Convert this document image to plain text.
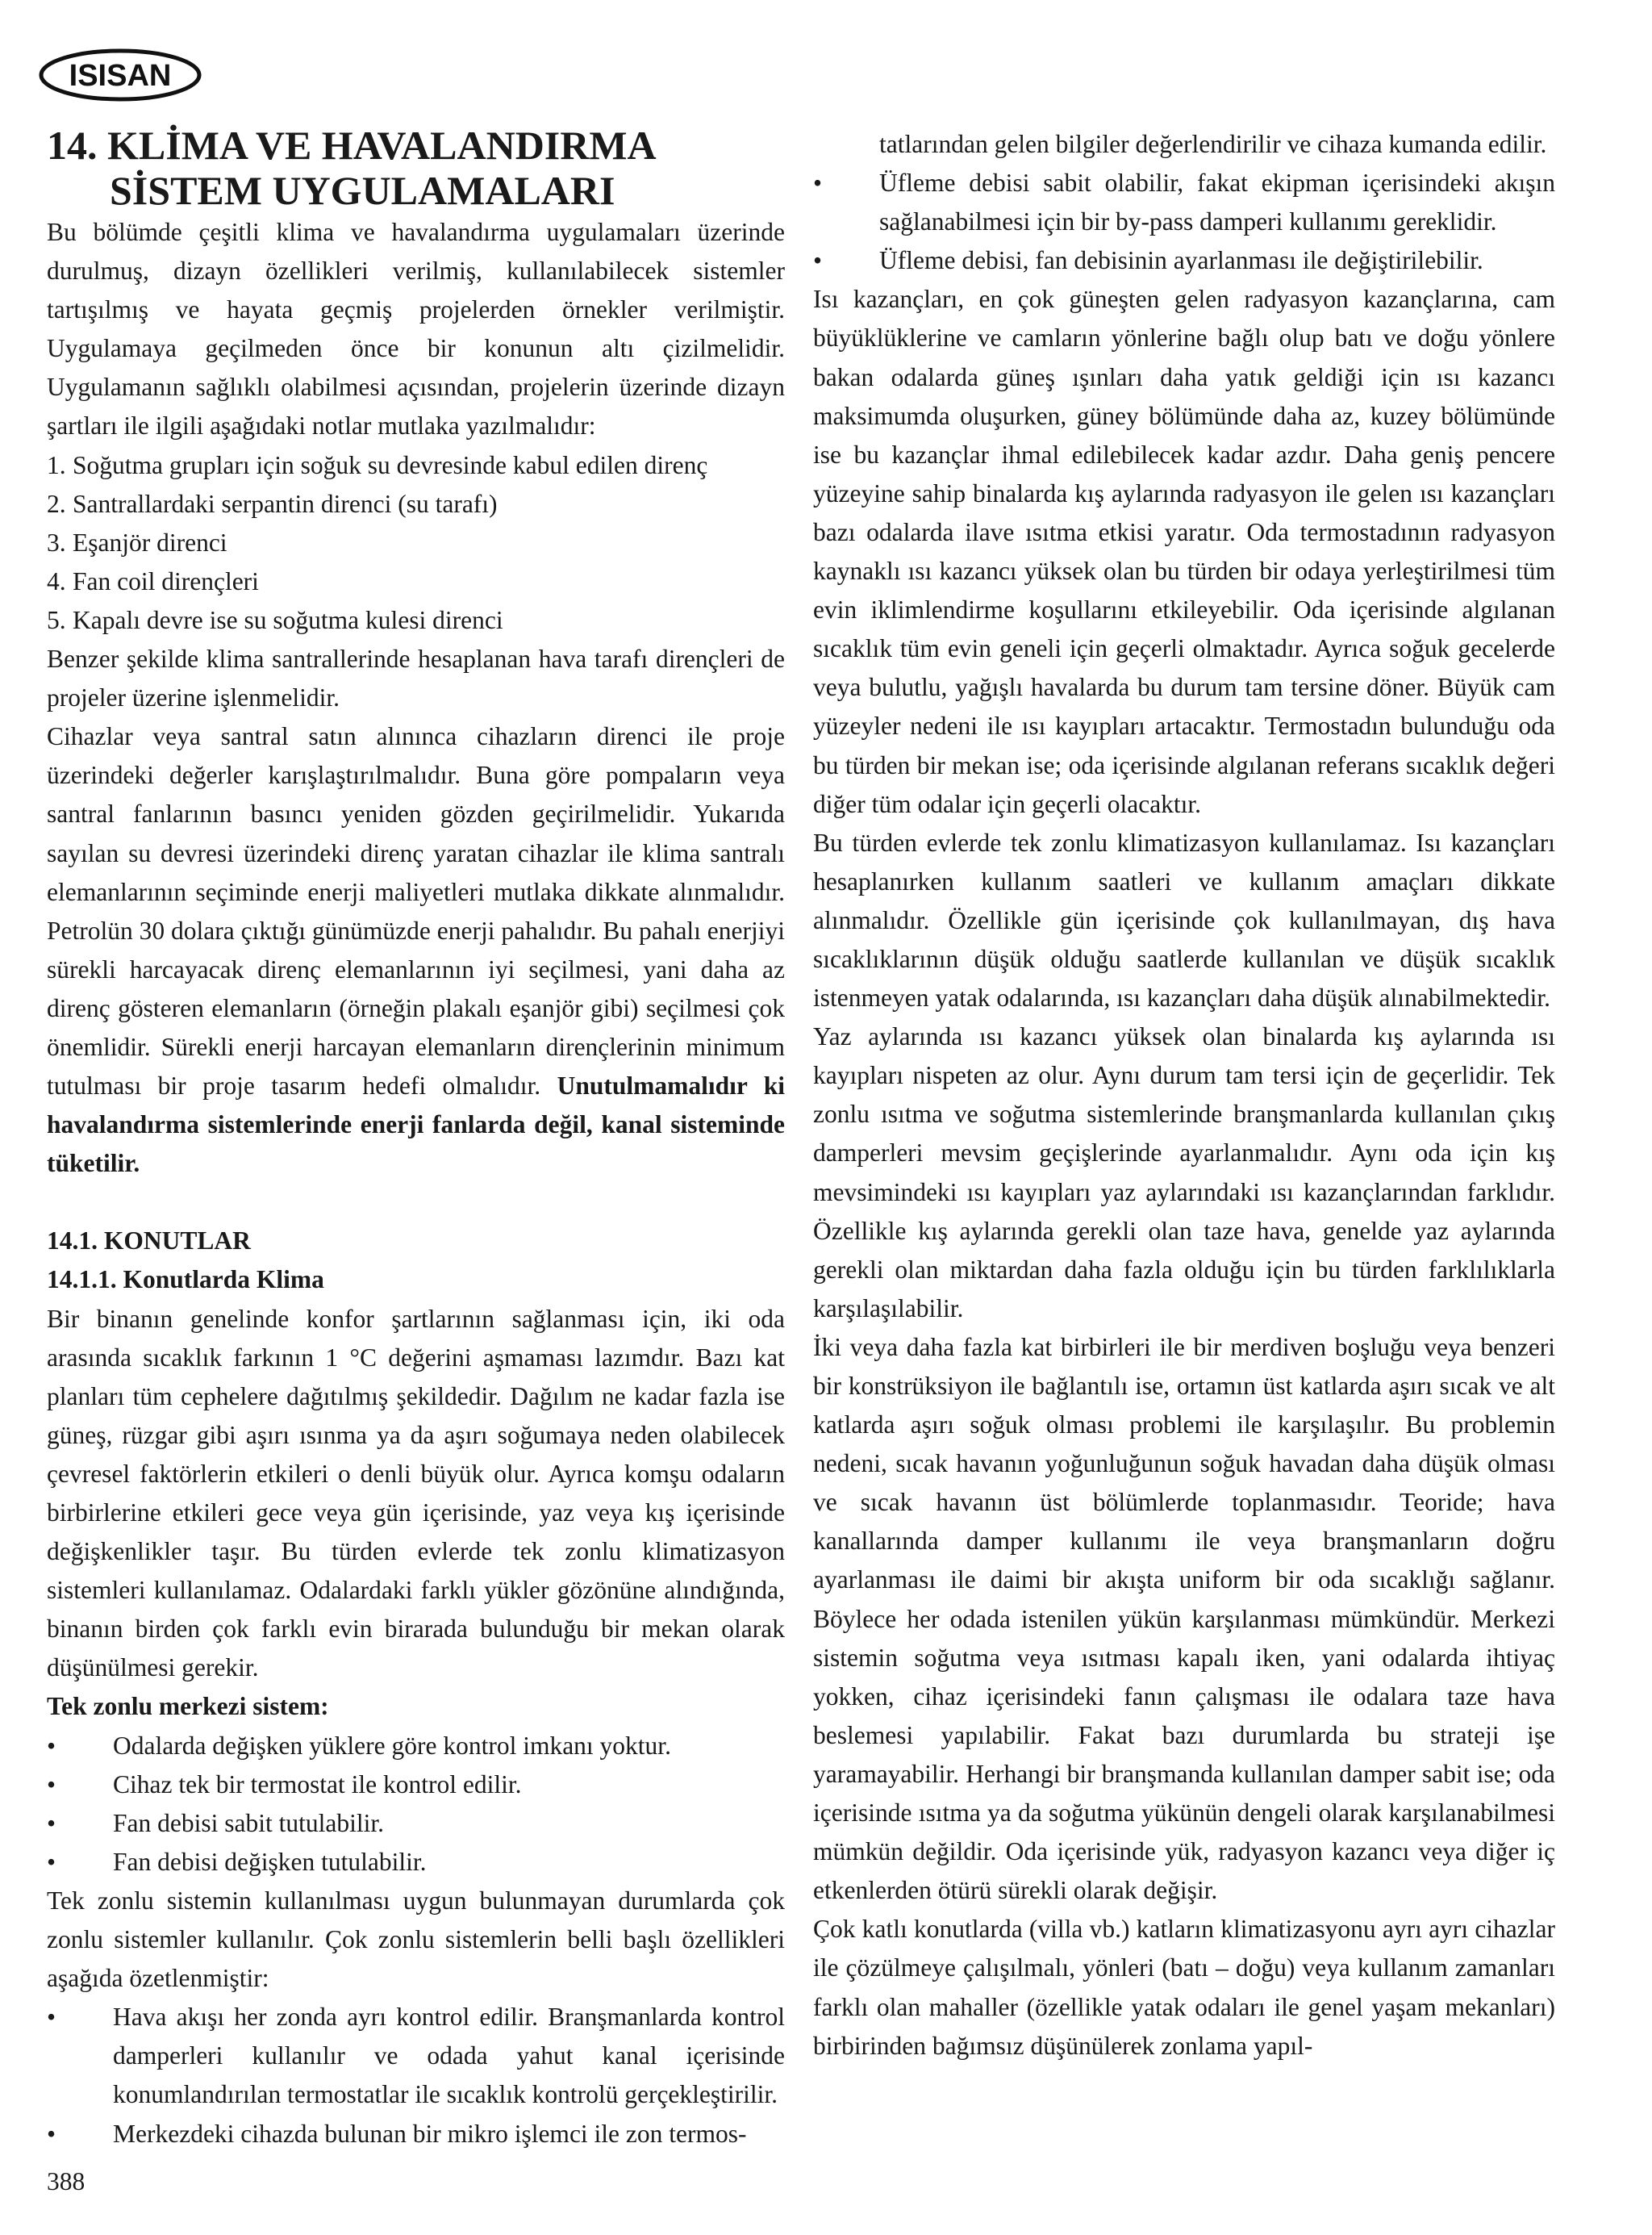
ISISAN
14. KLİMA VE HAVALANDIRMA
SİSTEM UYGULAMALARI

Bu bölümde çeşitli klima ve havalandırma uygulamaları üzerinde durulmuş, dizayn özellikleri verilmiş, kullanılabilecek sistemler tartışılmış ve hayata geçmiş projelerden örnekler verilmiştir. Uygulamaya geçilmeden önce bir konunun altı çizilmelidir. Uygulamanın sağlıklı olabilmesi açısından, projelerin üzerinde dizayn şartları ile ilgili aşağıdaki notlar mutlaka yazılmalıdır:

1. Soğutma grupları için soğuk su devresinde kabul edilen direnç
2. Santrallardaki serpantin direnci (su tarafı)
3. Eşanjör direnci
4. Fan coil dirençleri
5. Kapalı devre ise su soğutma kulesi direnci

Benzer şekilde klima santrallerinde hesaplanan hava tarafı dirençleri de projeler üzerine işlenmelidir.

Cihazlar veya santral satın alınınca cihazların direnci ile proje üzerindeki değerler karışlaştırılmalıdır. Buna göre pompaların veya santral fanlarının basıncı yeniden gözden geçirilmelidir. Yukarıda sayılan su devresi üzerindeki direnç yaratan cihazlar ile klima santralı elemanlarının seçiminde enerji maliyetleri mutlaka dikkate alınmalıdır. Petrolün 30 dolara çıktığı günümüzde enerji pahalıdır. Bu pahalı enerjiyi sürekli harcayacak direnç elemanlarının iyi seçilmesi, yani daha az direnç gösteren elemanların (örneğin plakalı eşanjör gibi) seçilmesi çok önemlidir. Sürekli enerji harcayan elemanların dirençlerinin minimum tutulması bir proje tasarım hedefi olmalıdır. Unutulmamalıdır ki havalandırma sistemlerinde enerji fanlarda değil, kanal sisteminde tüketilir.

14.1. KONUTLAR

14.1.1. Konutlarda Klima

Bir binanın genelinde konfor şartlarının sağlanması için, iki oda arasında sıcaklık farkının 1 °C değerini aşmaması lazımdır. Bazı kat planları tüm cephelere dağıtılmış şekildedir. Dağılım ne kadar fazla ise güneş, rüzgar gibi aşırı ısınma ya da aşırı soğumaya neden olabilecek çevresel faktörlerin etkileri o denli büyük olur. Ayrıca komşu odaların birbirlerine etkileri gece veya gün içerisinde, yaz veya kış içerisinde değişkenlikler taşır. Bu türden evlerde tek zonlu klimatizasyon sistemleri kullanılamaz. Odalardaki farklı yükler gözönüne alındığında, binanın birden çok farklı evin birarada bulunduğu bir mekan olarak düşünülmesi gerekir.

Tek zonlu merkezi sistem:

•	Odalarda değişken yüklere göre kontrol imkanı yoktur.
•	Cihaz tek bir termostat ile kontrol edilir.
•	Fan debisi sabit tutulabilir.
•	Fan debisi değişken tutulabilir.

Tek zonlu sistemin kullanılması uygun bulunmayan durumlarda çok zonlu sistemler kullanılır. Çok zonlu sistemlerin belli başlı özellikleri aşağıda özetlenmiştir:

•	Hava akışı her zonda ayrı kontrol edilir. Branşmanlarda kontrol damperleri kullanılır ve odada yahut kanal içerisinde konumlandırılan termostatlar ile sıcaklık kontrolü gerçekleştirilir.
•	Merkezdeki cihazda bulunan bir mikro işlemci ile zon termos-

tatlarından gelen bilgiler değerlendirilir ve cihaza kumanda edilir.

•	Üfleme debisi sabit olabilir, fakat ekipman içerisindeki akışın sağlanabilmesi için bir by-pass damperi kullanımı gereklidir.
•	Üfleme debisi, fan debisinin ayarlanması ile değiştirilebilir.

Isı kazançları, en çok güneşten gelen radyasyon kazançlarına, cam büyüklüklerine ve camların yönlerine bağlı olup batı ve doğu yönlere bakan odalarda güneş ışınları daha yatık geldiği için ısı kazancı maksimumda oluşurken, güney bölümünde daha az, kuzey bölümünde ise bu kazançlar ihmal edilebilecek kadar azdır. Daha geniş pencere yüzeyine sahip binalarda kış aylarında radyasyon ile gelen ısı kazançları bazı odalarda ilave ısıtma etkisi yaratır. Oda termostadının radyasyon kaynaklı ısı kazancı yüksek olan bu türden bir odaya yerleştirilmesi tüm evin iklimlendirme koşullarını etkileyebilir. Oda içerisinde algılanan sıcaklık tüm evin geneli için geçerli olmaktadır. Ayrıca soğuk gecelerde veya bulutlu, yağışlı havalarda bu durum tam tersine döner. Büyük cam yüzeyler nedeni ile ısı kayıpları artacaktır. Termostadın bulunduğu oda bu türden bir mekan ise; oda içerisinde algılanan referans sıcaklık değeri diğer tüm odalar için geçerli olacaktır.

Bu türden evlerde tek zonlu klimatizasyon kullanılamaz. Isı kazançları hesaplanırken kullanım saatleri ve kullanım amaçları dikkate alınmalıdır. Özellikle gün içerisinde çok kullanılmayan, dış hava sıcaklıklarının düşük olduğu saatlerde kullanılan ve düşük sıcaklık istenmeyen yatak odalarında, ısı kazançları daha düşük alınabilmektedir.

Yaz aylarında ısı kazancı yüksek olan binalarda kış aylarında ısı kayıpları nispeten az olur. Aynı durum tam tersi için de geçerlidir. Tek zonlu ısıtma ve soğutma sistemlerinde branşmanlarda kullanılan çıkış damperleri mevsim geçişlerinde ayarlanmalıdır. Aynı oda için kış mevsimindeki ısı kayıpları yaz aylarındaki ısı kazançlarından farklıdır. Özellikle kış aylarında gerekli olan taze hava, genelde yaz aylarında gerekli olan miktardan daha fazla olduğu için bu türden farklılıklarla karşılaşılabilir.

İki veya daha fazla kat birbirleri ile bir merdiven boşluğu veya benzeri bir konstrüksiyon ile bağlantılı ise, ortamın üst katlarda aşırı sıcak ve alt katlarda aşırı soğuk olması problemi ile karşılaşılır. Bu problemin nedeni, sıcak havanın yoğunluğunun soğuk havadan daha düşük olması ve sıcak havanın üst bölümlerde toplanmasıdır. Teoride; hava kanallarında damper kullanımı ile veya branşmanların doğru ayarlanması ile daimi bir akışta uniform bir oda sıcaklığı sağlanır. Böylece her odada istenilen yükün karşılanması mümkündür. Merkezi sistemin soğutma veya ısıtması kapalı iken, yani odalarda ihtiyaç yokken, cihaz içerisindeki fanın çalışması ile odalara taze hava beslemesi yapılabilir. Fakat bazı durumlarda bu strateji işe yaramayabilir. Herhangi bir branşmanda kullanılan damper sabit ise; oda içerisinde ısıtma ya da soğutma yükünün dengeli olarak karşılanabilmesi mümkün değildir. Oda içerisinde yük, radyasyon kazancı veya diğer iç etkenlerden ötürü sürekli olarak değişir.

Çok katlı konutlarda (villa vb.) katların klimatizasyonu ayrı ayrı cihazlar ile çözülmeye çalışılmalı, yönleri (batı – doğu) veya kullanım zamanları farklı olan mahaller (özellikle yatak odaları ile genel yaşam mekanları) birbirinden bağımsız düşünülerek zonlama yapıl-

388
